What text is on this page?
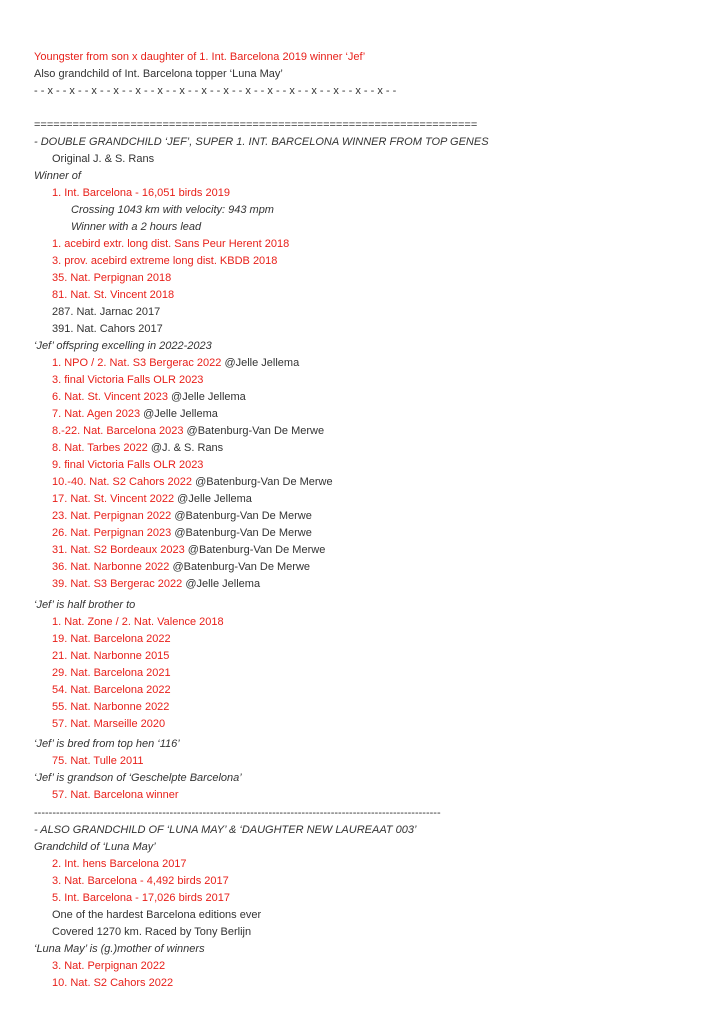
Youngster from son x daughter of 1. Int. Barcelona 2019 winner ‘Jef’
Also grandchild of Int. Barcelona topper ‘Luna May’
- - x - - x - - x - - x - - x - - x - - x - - x - - x - - x - - x - - x - - x - - x - - x - - x - -
=====================================================================
- DOUBLE GRANDCHILD ‘JEF’, SUPER 1. INT. BARCELONA WINNER FROM TOP GENES
Original J. & S. Rans
Winner of
1. Int. Barcelona - 16,051 birds 2019
Crossing 1043 km with velocity: 943 mpm
Winner with a 2 hours lead
1. acebird extr. long dist. Sans Peur Herent 2018
3. prov. acebird extreme long dist. KBDB 2018
35. Nat. Perpignan 2018
81. Nat. St. Vincent 2018
287. Nat. Jarnac 2017
391. Nat. Cahors 2017
‘Jef’ offspring excelling in 2022-2023
1. NPO / 2. Nat. S3 Bergerac 2022 @Jelle Jellema
3. final Victoria Falls OLR 2023
6. Nat. St. Vincent 2023 @Jelle Jellema
7. Nat. Agen 2023 @Jelle Jellema
8.-22. Nat. Barcelona 2023 @Batenburg-Van De Merwe
8. Nat. Tarbes 2022 @J. & S. Rans
9. final Victoria Falls OLR 2023
10.-40. Nat. S2 Cahors 2022 @Batenburg-Van De Merwe
17. Nat. St. Vincent 2022 @Jelle Jellema
23. Nat. Perpignan 2022 @Batenburg-Van De Merwe
26. Nat. Perpignan 2023 @Batenburg-Van De Merwe
31. Nat. S2 Bordeaux 2023 @Batenburg-Van De Merwe
36. Nat. Narbonne 2022 @Batenburg-Van De Merwe
39. Nat. S3 Bergerac 2022 @Jelle Jellema
‘Jef’ is half brother to
1. Nat. Zone / 2. Nat. Valence 2018
19. Nat. Barcelona 2022
21. Nat. Narbonne 2015
29. Nat. Barcelona 2021
54. Nat. Barcelona 2022
55. Nat. Narbonne 2022
57. Nat. Marseille 2020
‘Jef’ is bred from top hen ‘116’
75. Nat. Tulle 2011
‘Jef’ is grandson of ‘Geschelpte Barcelona’
57. Nat. Barcelona winner
---------------------------------------------------------------------------------------------------------------
- ALSO GRANDCHILD OF ‘LUNA MAY’ & ‘DAUGHTER NEW LAUREAAT 003’
Grandchild of ‘Luna May’
2. Int. hens Barcelona 2017
3. Nat. Barcelona - 4,492 birds 2017
5. Int. Barcelona - 17,026 birds 2017
One of the hardest Barcelona editions ever
Covered 1270 km. Raced by Tony Berlijn
‘Luna May’ is (g.)mother of winners
3. Nat. Perpignan 2022
10. Nat. S2 Cahors 2022
